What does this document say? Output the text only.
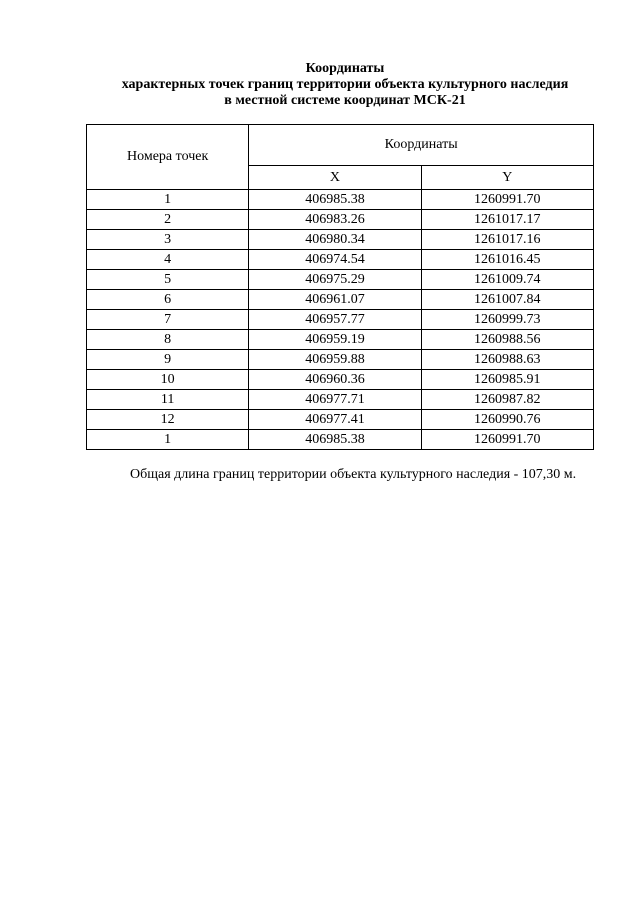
Координаты
характерных точек границ территории объекта культурного наследия
в местной системе координат МСК-21
Номера точек	Координаты	
	X	Y
1	406985.38	1260991.70
2	406983.26	1261017.17
3	406980.34	1261017.16
4	406974.54	1261016.45
5	406975.29	1261009.74
6	406961.07	1261007.84
7	406957.77	1260999.73
8	406959.19	1260988.56
9	406959.88	1260988.63
10	406960.36	1260985.91
11	406977.71	1260987.82
12	406977.41	1260990.76
1	406985.38	1260991.70
Общая длина границ территории объекта культурного наследия - 107,30 м.
